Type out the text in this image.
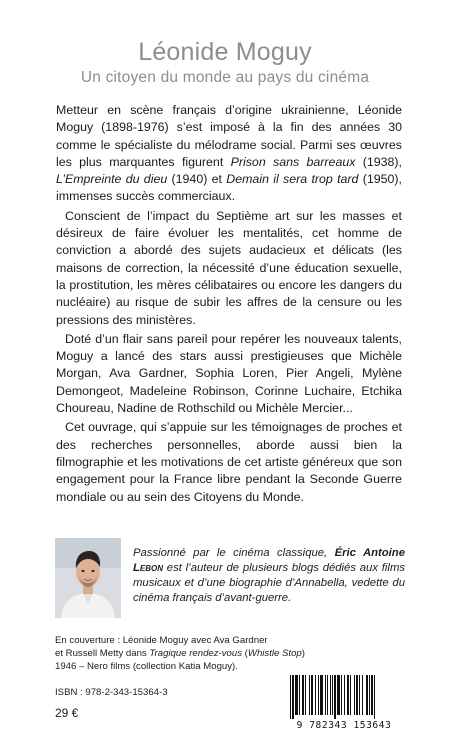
Léonide Moguy
Un citoyen du monde au pays du cinéma

Metteur en scène français d’origine ukrainienne, Léonide Moguy (1898-1976) s’est imposé à la fin des années 30 comme le spécialiste du mélodrame social. Parmi ses œuvres les plus marquantes figurent Prison sans barreaux (1938), L’Empreinte du dieu (1940) et Demain il sera trop tard (1950), immenses succès commerciaux.

Conscient de l’impact du Septième art sur les masses et désireux de faire évoluer les mentalités, cet homme de conviction a abordé des sujets audacieux et délicats (les maisons de correction, la nécessité d’une éducation sexuelle, la prostitution, les mères célibataires ou encore les dangers du nucléaire) au risque de subir les affres de la censure ou les pressions des ministères.

Doté d’un flair sans pareil pour repérer les nouveaux talents, Moguy a lancé des stars aussi prestigieuses que Michèle Morgan, Ava Gardner, Sophia Loren, Pier Angeli, Mylène Demongeot, Madeleine Robinson, Corinne Luchaire, Etchika Choureau, Nadine de Rothschild ou Michèle Mercier...

Cet ouvrage, qui s’appuie sur les témoignages de proches et des recherches personnelles, aborde aussi bien la filmographie et les motivations de cet artiste généreux que son engagement pour la France libre pendant la Seconde Guerre mondiale ou au sein des Citoyens du Monde.

Passionné par le cinéma classique, Éric Antoine Lebon est l’auteur de plusieurs blogs dédiés aux films musicaux et d’une biographie d’Annabella, vedette du cinéma français d’avant-guerre.
En couverture : Léonide Moguy avec Ava Gardner
et Russell Metty dans Tragique rendez-vous (Whistle Stop)
1946 – Nero films (collection Katia Moguy).
ISBN : 978-2-343-15364-3
29 €
9 782343 153643
